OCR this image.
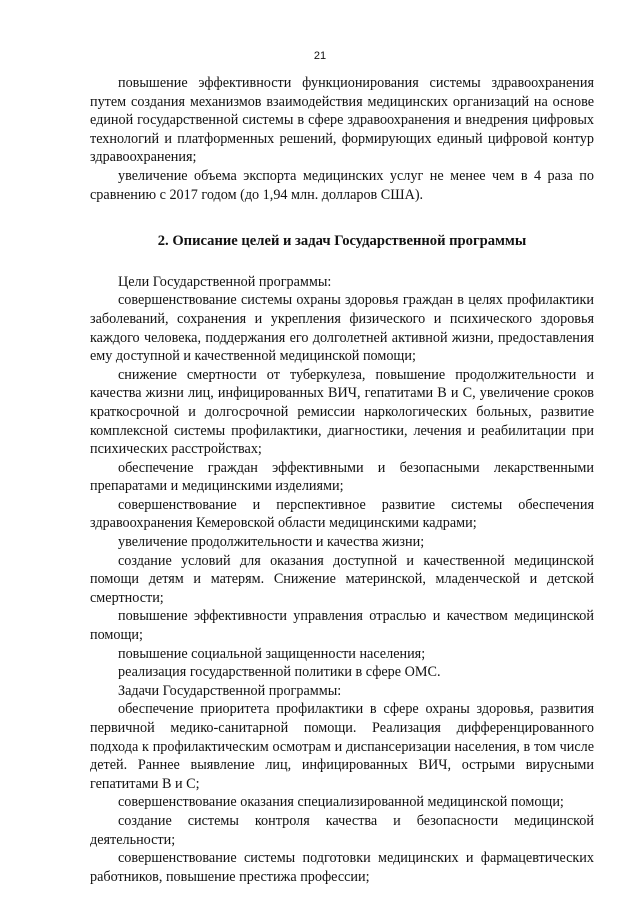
21

повышение эффективности функционирования системы здравоохранения путем создания механизмов взаимодействия медицинских организаций на основе единой государственной системы в сфере здравоохранения и внедрения цифровых технологий и платформенных решений, формирующих единый цифровой контур здравоохранения;

увеличение объема экспорта медицинских услуг не менее чем в 4 раза по сравнению с 2017 годом (до 1,94 млн. долларов США).

2. Описание целей и задач Государственной программы

Цели Государственной программы:

совершенствование системы охраны здоровья граждан в целях профилактики заболеваний, сохранения и укрепления физического и психического здоровья каждого человека, поддержания его долголетней активной жизни, предоставления ему доступной и качественной медицинской помощи;

снижение смертности от туберкулеза, повышение продолжительности и качества жизни лиц, инфицированных ВИЧ, гепатитами В и С, увеличение сроков краткосрочной и долгосрочной ремиссии наркологических больных, развитие комплексной системы профилактики, диагностики, лечения и реабилитации при психических расстройствах;

обеспечение граждан эффективными и безопасными лекарственными препаратами и медицинскими изделиями;

совершенствование и перспективное развитие системы обеспечения здравоохранения Кемеровской области медицинскими кадрами;

увеличение продолжительности и качества жизни;

создание условий для оказания доступной и качественной медицинской помощи детям и матерям. Снижение материнской, младенческой и детской смертности;

повышение эффективности управления отраслью и качеством медицинской помощи;

повышение социальной защищенности населения;

реализация государственной политики в сфере ОМС.

Задачи Государственной программы:

обеспечение приоритета профилактики в сфере охраны здоровья, развития первичной медико-санитарной помощи. Реализация дифференцированного подхода к профилактическим осмотрам и диспансеризации населения, в том числе детей. Раннее выявление лиц, инфицированных ВИЧ, острыми вирусными гепатитами В и С;

совершенствование оказания специализированной медицинской помощи;

создание системы контроля качества и безопасности медицинской деятельности;

совершенствование системы подготовки медицинских и фармацевтических работников, повышение престижа профессии;
